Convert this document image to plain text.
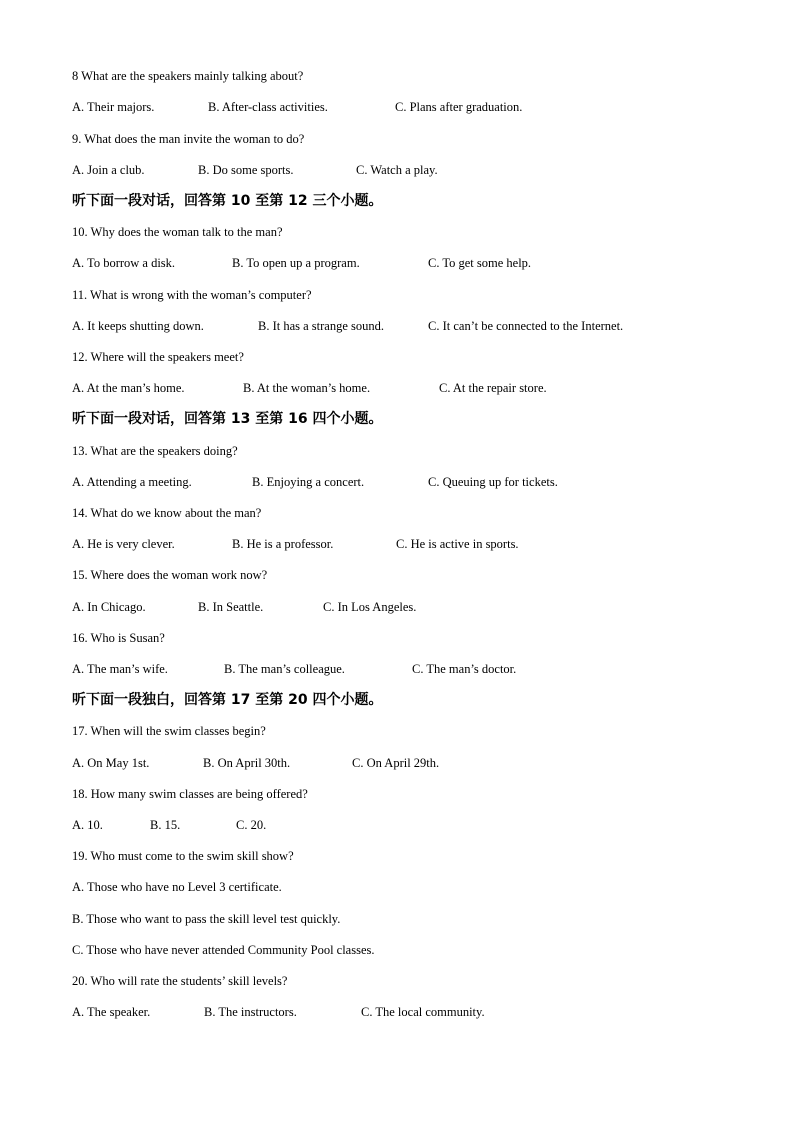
8 What are the speakers mainly talking about?
A. Their majors.	B. After-class activities.	C. Plans after graduation.
9. What does the man invite the woman to do?
A. Join a club.	B. Do some sports.	C. Watch a play.
听下面一段对话，回答第 10 至第 12 三个小题。
10. Why does the woman talk to the man?
A. To borrow a disk.	B. To open up a program.	C. To get some help.
11. What is wrong with the woman’s computer?
A. It keeps shutting down.	B. It has a strange sound.	C. It can’t be connected to the Internet.
12. Where will the speakers meet?
A. At the man’s home.	B. At the woman’s home.	C. At the repair store.
听下面一段对话，回答第 13 至第 16 四个小题。
13. What are the speakers doing?
A. Attending a meeting.	B. Enjoying a concert.	C. Queuing up for tickets.
14. What do we know about the man?
A. He is very clever.	B. He is a professor.	C. He is active in sports.
15. Where does the woman work now?
A. In Chicago.	B. In Seattle.	C. In Los Angeles.
16. Who is Susan?
A. The man’s wife.	B. The man’s colleague.	C. The man’s doctor.
听下面一段独白，回答第 17 至第 20 四个小题。
17. When will the swim classes begin?
A. On May 1st.	B. On April 30th.	C. On April 29th.
18. How many swim classes are being offered?
A. 10.	B. 15.	C. 20.
19. Who must come to the swim skill show?
A. Those who have no Level 3 certificate.
B. Those who want to pass the skill level test quickly.
C. Those who have never attended Community Pool classes.
20. Who will rate the students’ skill levels?
A. The speaker.	B. The instructors.	C. The local community.
